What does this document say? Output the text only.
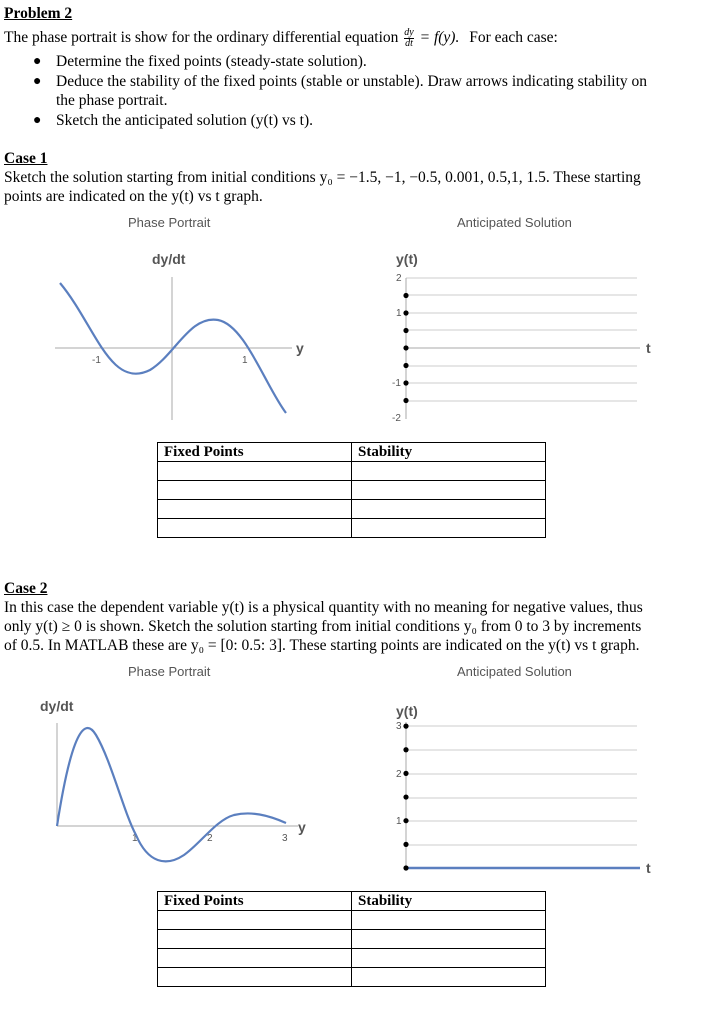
Problem 2
The phase portrait is show for the ordinary differential equation $\frac{dy}{dt} = f(y)$. For each case:
● Determine the fixed points (steady-state solution).
● Deduce the stability of the fixed points (stable or unstable). Draw arrows indicating stability on
the phase portrait.
● Sketch the anticipated solution (y(t) vs t).
Case 1
Sketch the solution starting from initial conditions y₀ = −1.5, −1, −0.5, 0.001, 0.5,1, 1.5. These starting
points are indicated on the y(t) vs t graph.
Phase Portrait	Anticipated Solution
dy/dt
y
-1	1
y(t)
t
2
1
-1
-2
Fixed Points	Stability

Case 2
In this case the dependent variable y(t) is a physical quantity with no meaning for negative values, thus
only y(t) ≥ 0 is shown. Sketch the solution starting from initial conditions y₀ from 0 to 3 by increments
of 0.5. In MATLAB these are y₀ = [0: 0.5: 3]. These starting points are indicated on the y(t) vs t graph.
Phase Portrait	Anticipated Solution
dy/dt
y
1	2	3
y(t)
t
3
2
1
Fixed Points	Stability
